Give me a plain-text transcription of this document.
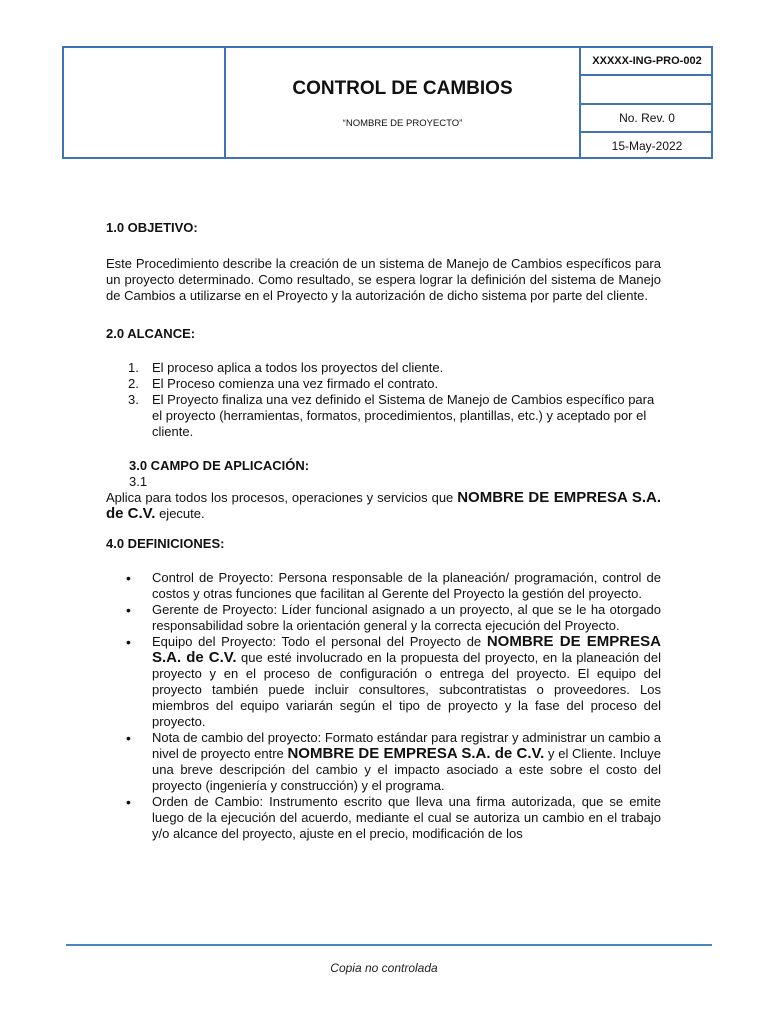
CONTROL DE CAMBIOS
“NOMBRE DE PROYECTO”
XXXXX-ING-PRO-002
No. Rev. 0
15-May-2022

1.0 OBJETIVO:

Este Procedimiento describe la creación de un sistema de Manejo de Cambios específicos para un proyecto determinado. Como resultado, se espera lograr la definición del sistema de Manejo de Cambios a utilizarse en el Proyecto y la autorización de dicho sistema por parte del cliente.

2.0 ALCANCE:

1. El proceso aplica a todos los proyectos del cliente.
2. El Proceso comienza una vez firmado el contrato.
3. El Proyecto finaliza una vez definido el Sistema de Manejo de Cambios específico para el proyecto (herramientas, formatos, procedimientos, plantillas, etc.) y aceptado por el cliente.

3.0 CAMPO DE APLICACIÓN:

3.1

Aplica para todos los procesos, operaciones y servicios que NOMBRE DE EMPRESA S.A. de C.V. ejecute.

4.0 DEFINICIONES:

• Control de Proyecto: Persona responsable de la planeación/ programación, control de costos y otras funciones que facilitan al Gerente del Proyecto la gestión del proyecto.
• Gerente de Proyecto: Líder funcional asignado a un proyecto, al que se le ha otorgado responsabilidad sobre la orientación general y la correcta ejecución del Proyecto.
• Equipo del Proyecto: Todo el personal del Proyecto de NOMBRE DE EMPRESA S.A. de C.V. que esté involucrado en la propuesta del proyecto, en la planeación del proyecto y en el proceso de configuración o entrega del proyecto. El equipo del proyecto también puede incluir consultores, subcontratistas o proveedores. Los miembros del equipo variarán según el tipo de proyecto y la fase del proceso del proyecto.
• Nota de cambio del proyecto: Formato estándar para registrar y administrar un cambio a nivel de proyecto entre NOMBRE DE EMPRESA S.A. de C.V. y el Cliente. Incluye una breve descripción del cambio y el impacto asociado a este sobre el costo del proyecto (ingeniería y construcción) y el programa.
• Orden de Cambio: Instrumento escrito que lleva una firma autorizada, que se emite luego de la ejecución del acuerdo, mediante el cual se autoriza un cambio en el trabajo y/o alcance del proyecto, ajuste en el precio, modificación de los
Copia no controlada
